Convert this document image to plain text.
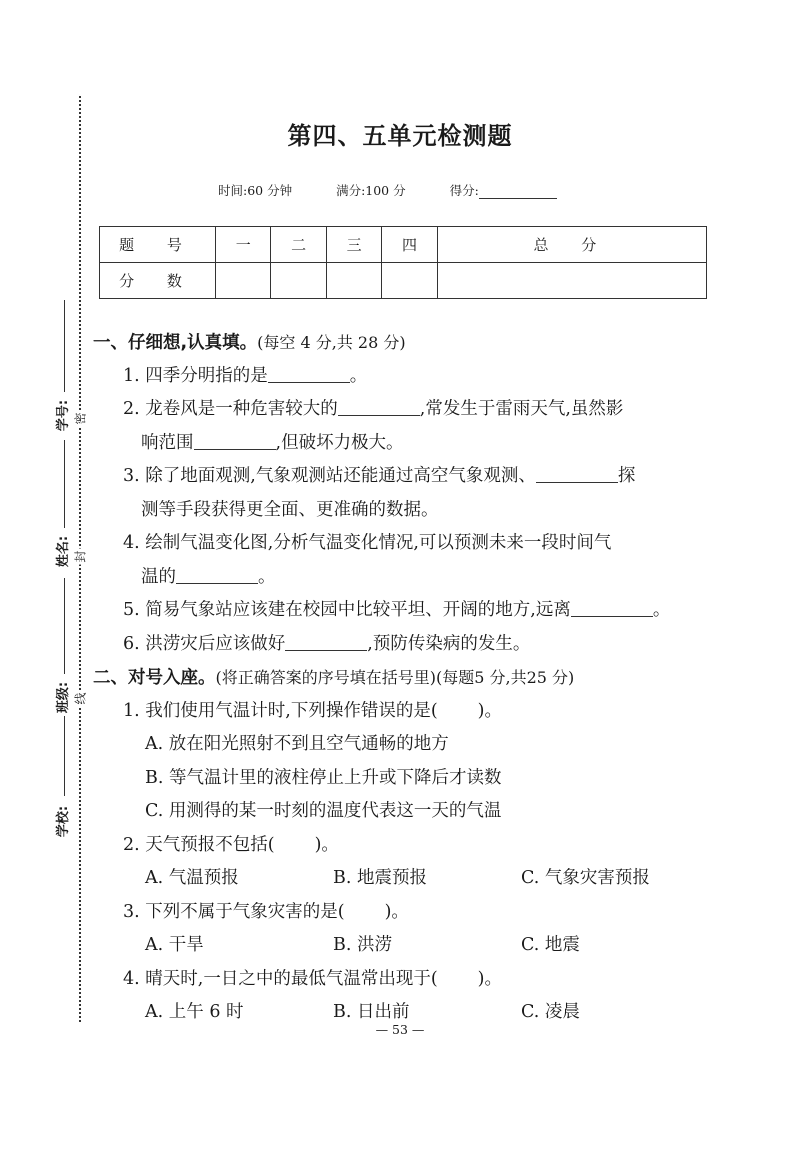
密
封
线
学号:
姓名:
班级:
学校:
第四、五单元检测题
时间:60 分钟	满分:100 分	得分:
题 号	一	二	三	四	总 分
分 数					
一、仔细想,认真填。(每空 4 分,共 28 分)
1. 四季分明指的是	。
2. 龙卷风是一种危害较大的	,常发生于雷雨天气,虽然影
响范围	,但破坏力极大。
3. 除了地面观测,气象观测站还能通过高空气象观测、	探
测等手段获得更全面、更准确的数据。
4. 绘制气温变化图,分析气温变化情况,可以预测未来一段时间气
温的	。
5. 简易气象站应该建在校园中比较平坦、开阔的地方,远离	。
6. 洪涝灾后应该做好	,预防传染病的发生。
二、对号入座。(将正确答案的序号填在括号里)(每题5 分,共25 分)
1. 我们使用气温计时,下列操作错误的是( )。
A. 放在阳光照射不到且空气通畅的地方
B. 等气温计里的液柱停止上升或下降后才读数
C. 用测得的某一时刻的温度代表这一天的气温
2. 天气预报不包括( )。
A. 气温预报	B. 地震预报	C. 气象灾害预报
3. 下列不属于气象灾害的是( )。
A. 干旱	B. 洪涝	C. 地震
4. 晴天时,一日之中的最低气温常出现于( )。
A. 上午 6 时	B. 日出前	C. 凌晨
— 53 —
